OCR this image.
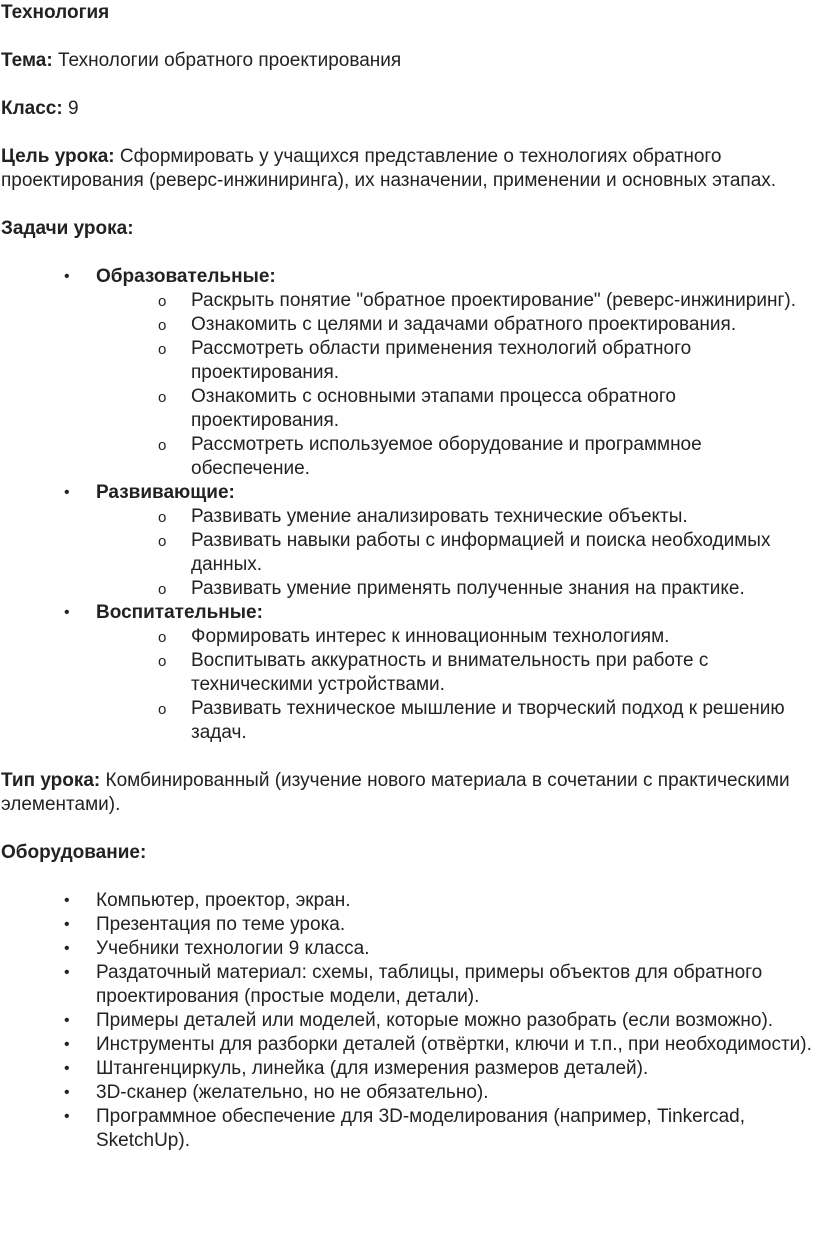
Технология

Тема: Технологии обратного проектирования

Класс: 9

Цель урока: Сформировать у учащихся представление о технологиях обратного проектирования (реверс-инжиниринга), их назначении, применении и основных этапах.

Задачи урока:

• Образовательные:
o Раскрыть понятие "обратное проектирование" (реверс-инжиниринг).
o Ознакомить с целями и задачами обратного проектирования.
o Рассмотреть области применения технологий обратного проектирования.
o Ознакомить с основными этапами процесса обратного проектирования.
o Рассмотреть используемое оборудование и программное обеспечение.
• Развивающие:
o Развивать умение анализировать технические объекты.
o Развивать навыки работы с информацией и поиска необходимых данных.
o Развивать умение применять полученные знания на практике.
• Воспитательные:
o Формировать интерес к инновационным технологиям.
o Воспитывать аккуратность и внимательность при работе с техническими устройствами.
o Развивать техническое мышление и творческий подход к решению задач.

Тип урока: Комбинированный (изучение нового материала в сочетании с практическими элементами).

Оборудование:

• Компьютер, проектор, экран.
• Презентация по теме урока.
• Учебники технологии 9 класса.
• Раздаточный материал: схемы, таблицы, примеры объектов для обратного проектирования (простые модели, детали).
• Примеры деталей или моделей, которые можно разобрать (если возможно).
• Инструменты для разборки деталей (отвёртки, ключи и т.п., при необходимости).
• Штангенциркуль, линейка (для измерения размеров деталей).
• 3D-сканер (желательно, но не обязательно).
• Программное обеспечение для 3D-моделирования (например, Tinkercad, SketchUp).
